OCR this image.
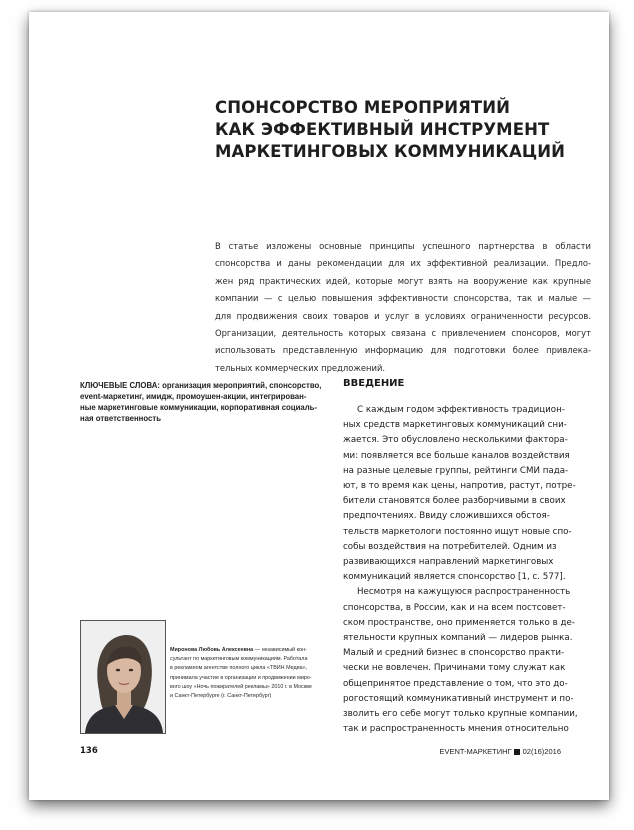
СПОНСОРСТВО МЕРОПРИЯТИЙ
КАК ЭФФЕКТИВНЫЙ ИНСТРУМЕНТ
МАРКЕТИНГОВЫХ КОММУНИКАЦИЙ
В статье изложены основные принципы успешного партнерства в области
спонсорства и даны рекомендации для их эффективной реализации. Предло-
жен ряд практических идей, которые могут взять на вооружение как крупные
компании — с целью повышения эффективности спонсорства, так и малые —
для продвижения своих товаров и услуг в условиях ограниченности ресурсов.
Организации, деятельность которых связана с привлечением спонсоров, могут
использовать представленную информацию для подготовки более привлека-
тельных коммерческих предложений.
КЛЮЧЕВЫЕ СЛОВА: организация мероприятий, спонсорство,
event-маркетинг, имидж, промоушен-акции, интегрирован-
ные маркетинговые коммуникации, корпоративная социаль-
ная ответственность
ВВЕДЕНИЕ
С каждым годом эффективность традицион-
ных средств маркетинговых коммуникаций сни-
жается. Это обусловлено несколькими фактора-
ми: появляется все больше каналов воздействия
на разные целевые группы, рейтинги СМИ пада-
ют, в то время как цены, напротив, растут, потре-
бители становятся более разборчивыми в своих
предпочтениях. Ввиду сложившихся обстоя-
тельств маркетологи постоянно ищут новые спо-
собы воздействия на потребителей. Одним из
развивающихся направлений маркетинговых
коммуникаций является спонсорство [1, с. 577].
Несмотря на кажущуюся распространенность
спонсорства, в России, как и на всем постсовет-
ском пространстве, оно применяется только в де-
ятельности крупных компаний — лидеров рынка.
Малый и средний бизнес в спонсорство практи-
чески не вовлечен. Причинами тому служат как
общепринятое представление о том, что это до-
рогостоящий коммуникативный инструмент и по-
зволить его себе могут только крупные компании,
так и распространенность мнения относительно
Миронова Любовь Алексеевна — независимый кон-
сультант по маркетинговым коммуникациям. Работала
в рекламном агентстве полного цикла «ТВИН Медиа»,
принимала участие в организации и продвижении миро-
вого шоу «Ночь пожирателей рекламы» 2010 г. в Москве
и Санкт-Петербурге (г. Санкт-Петербург)
136	EVENT-МАРКЕТИНГ 02(16)2016
